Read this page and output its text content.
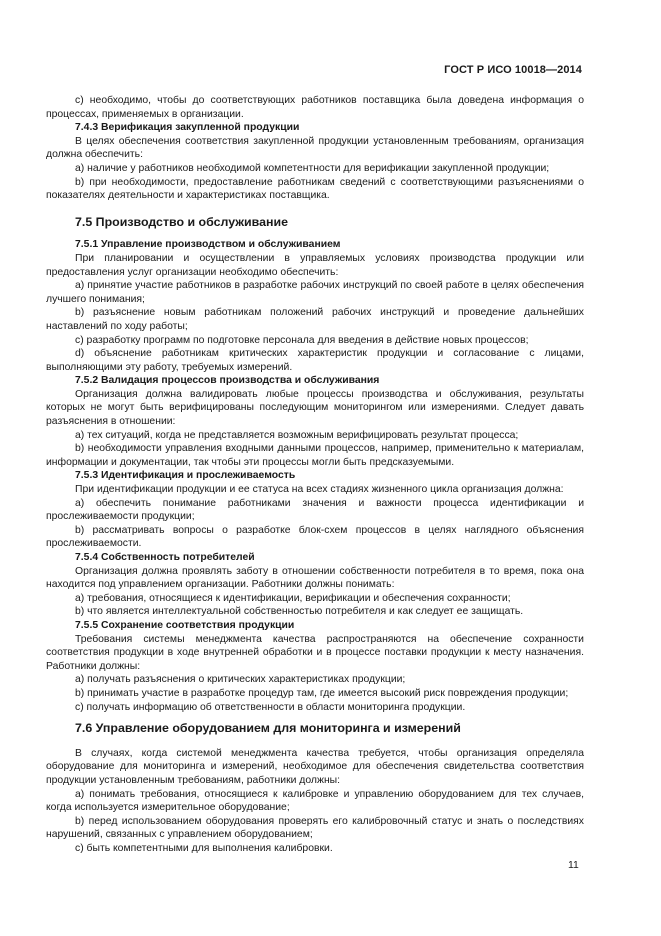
ГОСТ Р ИСО 10018—2014
c) необходимо, чтобы до соответствующих работников поставщика была доведена информация о процессах, применяемых в организации.
7.4.3 Верификация закупленной продукции
В целях обеспечения соответствия закупленной продукции установленным требованиям, организация должна обеспечить:
a) наличие у работников необходимой компетентности для верификации закупленной продукции;
b) при необходимости, предоставление работникам сведений с соответствующими разъяснениями о показателях деятельности и характеристиках поставщика.
7.5 Производство и обслуживание
7.5.1 Управление производством и обслуживанием
При планировании и осуществлении в управляемых условиях производства продукции или предоставления услуг организации необходимо обеспечить:
a) принятие участие работников в разработке рабочих инструкций по своей работе в целях обеспечения лучшего понимания;
b) разъяснение новым работникам положений рабочих инструкций и проведение дальнейших наставлений по ходу работы;
c) разработку программ по подготовке персонала для введения в действие новых процессов;
d) объяснение работникам критических характеристик продукции и согласование с лицами, выполняющими эту работу, требуемых измерений.
7.5.2 Валидация процессов производства и обслуживания
Организация должна валидировать любые процессы производства и обслуживания, результаты которых не могут быть верифицированы последующим мониторингом или измерениями. Следует давать разъяснения в отношении:
a) тех ситуаций, когда не представляется возможным верифицировать результат процесса;
b) необходимости управления входными данными процессов, например, применительно к материалам, информации и документации, так чтобы эти процессы могли быть предсказуемыми.
7.5.3 Идентификация и прослеживаемость
При идентификации продукции и ее статуса на всех стадиях жизненного цикла организация должна:
a) обеспечить понимание работниками значения и важности процесса идентификации и прослеживаемости продукции;
b) рассматривать вопросы о разработке блок-схем процессов в целях наглядного объяснения прослеживаемости.
7.5.4 Собственность потребителей
Организация должна проявлять заботу в отношении собственности потребителя в то время, пока она находится под управлением организации. Работники должны понимать:
a) требования, относящиеся к идентификации, верификации и обеспечения сохранности;
b) что является интеллектуальной собственностью потребителя и как следует ее защищать.
7.5.5 Сохранение соответствия продукции
Требования системы менеджмента качества распространяются на обеспечение сохранности соответствия продукции в ходе внутренней обработки и в процессе поставки продукции к месту назначения. Работники должны:
a) получать разъяснения о критических характеристиках продукции;
b) принимать участие в разработке процедур там, где имеется высокий риск повреждения продукции;
c) получать информацию об ответственности в области мониторинга продукции.
7.6 Управление оборудованием для мониторинга и измерений
В случаях, когда системой менеджмента качества требуется, чтобы организация определяла оборудование для мониторинга и измерений, необходимое для обеспечения свидетельства соответствия продукции установленным требованиям, работники должны:
a) понимать требования, относящиеся к калибровке и управлению оборудованием для тех случаев, когда используется измерительное оборудование;
b) перед использованием оборудования проверять его калибровочный статус и знать о последствиях нарушений, связанных с управлением оборудованием;
c) быть компетентными для выполнения калибровки.
11
